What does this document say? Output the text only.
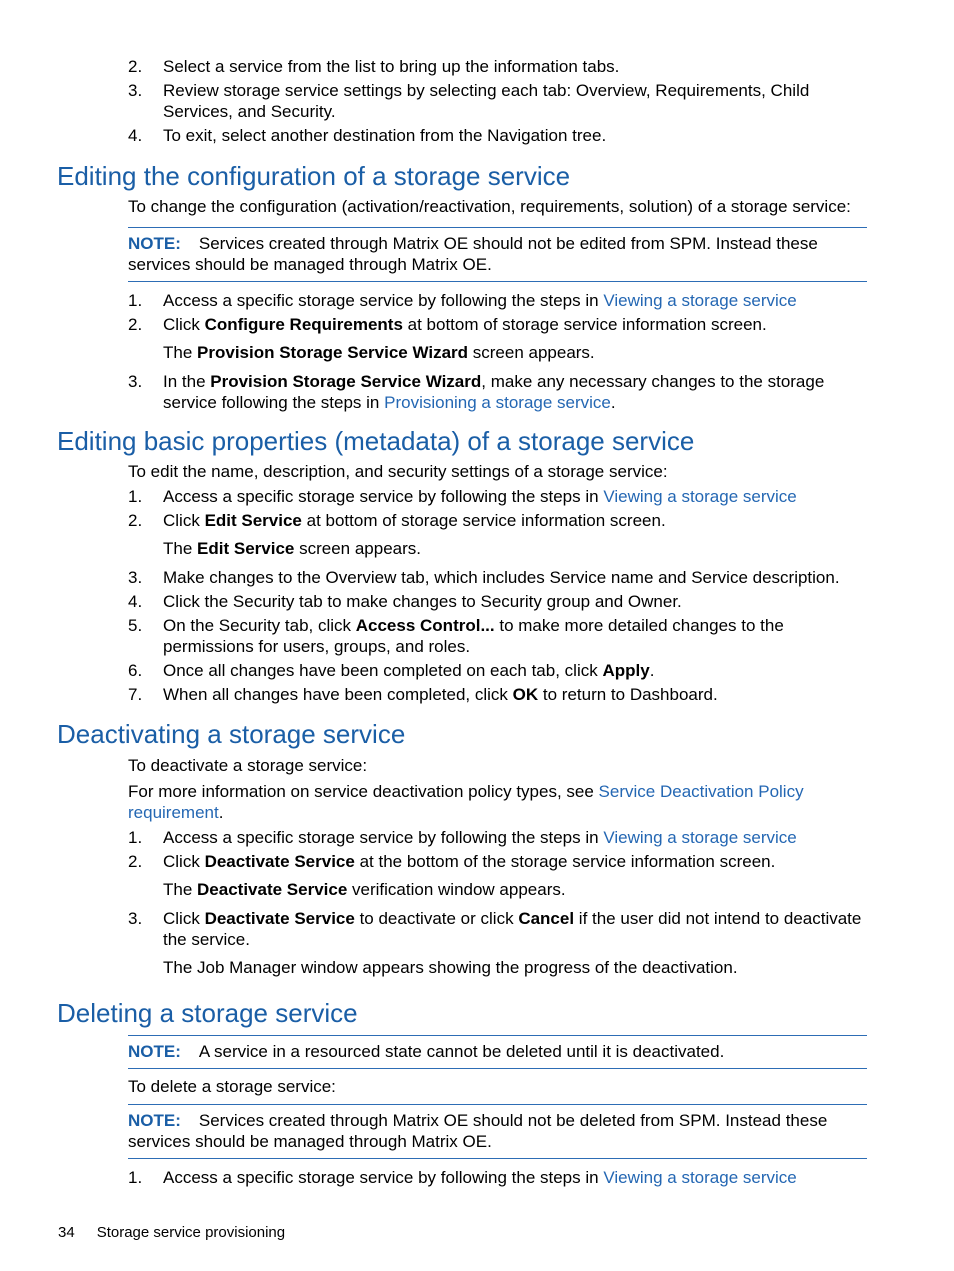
2. Select a service from the list to bring up the information tabs.
3. Review storage service settings by selecting each tab: Overview, Requirements, Child Services, and Security.
4. To exit, select another destination from the Navigation tree.
Editing the configuration of a storage service

To change the configuration (activation/reactivation, requirements, solution) of a storage service:

NOTE: Services created through Matrix OE should not be edited from SPM. Instead these services should be managed through Matrix OE.
1. Access a specific storage service by following the steps in Viewing a storage service
2. Click Configure Requirements at bottom of storage service information screen.
The Provision Storage Service Wizard screen appears.
3. In the Provision Storage Service Wizard, make any necessary changes to the storage service following the steps in Provisioning a storage service.
Editing basic properties (metadata) of a storage service

To edit the name, description, and security settings of a storage service:

1. Access a specific storage service by following the steps in Viewing a storage service
2. Click Edit Service at bottom of storage service information screen.
The Edit Service screen appears.
3. Make changes to the Overview tab, which includes Service name and Service description.
4. Click the Security tab to make changes to Security group and Owner.
5. On the Security tab, click Access Control... to make more detailed changes to the permissions for users, groups, and roles.
6. Once all changes have been completed on each tab, click Apply.
7. When all changes have been completed, click OK to return to Dashboard.
Deactivating a storage service

To deactivate a storage service:

For more information on service deactivation policy types, see Service Deactivation Policy requirement.

1. Access a specific storage service by following the steps in Viewing a storage service
2. Click Deactivate Service at the bottom of the storage service information screen.
The Deactivate Service verification window appears.
3. Click Deactivate Service to deactivate or click Cancel if the user did not intend to deactivate the service.
The Job Manager window appears showing the progress of the deactivation.
Deleting a storage service
NOTE: A service in a resourced state cannot be deleted until it is deactivated.

To delete a storage service:

NOTE: Services created through Matrix OE should not be deleted from SPM. Instead these services should be managed through Matrix OE.
1. Access a specific storage service by following the steps in Viewing a storage service
34 Storage service provisioning
